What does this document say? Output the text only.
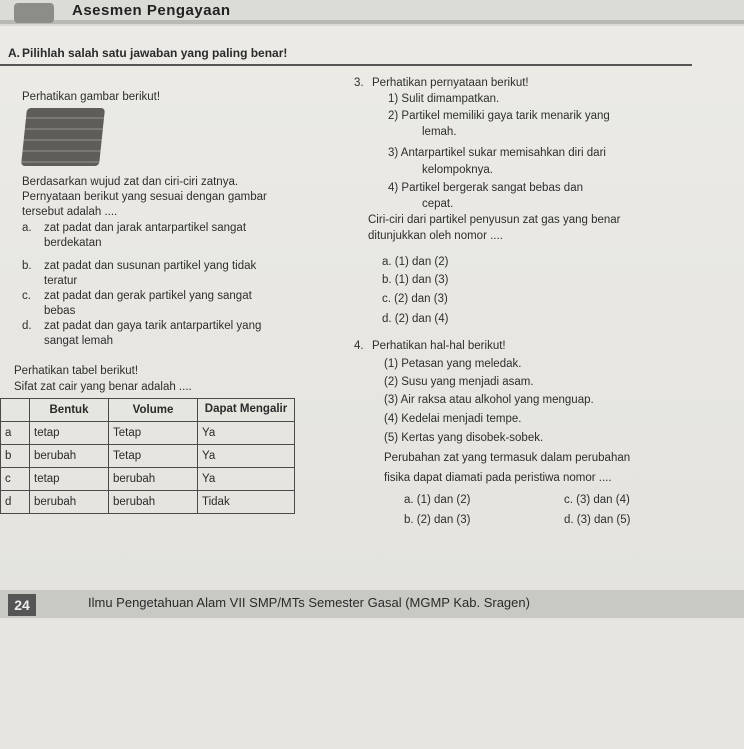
Asesmen Pengayaan
A. Pilihlah salah satu jawaban yang paling benar!
Perhatikan gambar berikut!
Berdasarkan wujud zat dan ciri-ciri zatnya.
Pernyataan berikut yang sesuai dengan gambar
tersebut adalah ....
a. zat padat dan jarak antarpartikel sangat
berdekatan
b. zat padat dan susunan partikel yang tidak
teratur
c. zat padat dan gerak partikel yang sangat
bebas
d. zat padat dan gaya tarik antarpartikel yang
sangat lemah
Perhatikan tabel berikut!
Sifat zat cair yang benar adalah ....
	Bentuk	Volume	Dapat Mengalir
a	tetap	Tetap	Ya
b	berubah	Tetap	Ya
c	tetap	berubah	Ya
d	berubah	berubah	Tidak
3. Perhatikan pernyataan berikut!
1) Sulit dimampatkan.
2) Partikel memiliki gaya tarik menarik yang
lemah.
3) Antarpartikel sukar memisahkan diri dari
kelompoknya.
4) Partikel bergerak sangat bebas dan
cepat.
Ciri-ciri dari partikel penyusun zat gas yang benar
ditunjukkan oleh nomor ....
a. (1) dan (2)
b. (1) dan (3)
c. (2) dan (3)
d. (2) dan (4)
4. Perhatikan hal-hal berikut!
(1) Petasan yang meledak.
(2) Susu yang menjadi asam.
(3) Air raksa atau alkohol yang menguap.
(4) Kedelai menjadi tempe.
(5) Kertas yang disobek-sobek.
Perubahan zat yang termasuk dalam perubahan
fisika dapat diamati pada peristiwa nomor ....
a. (1) dan (2)	c. (3) dan (4)
b. (2) dan (3)	d. (3) dan (5)
24	Ilmu Pengetahuan Alam VII SMP/MTs Semester Gasal (MGMP Kab. Sragen)
